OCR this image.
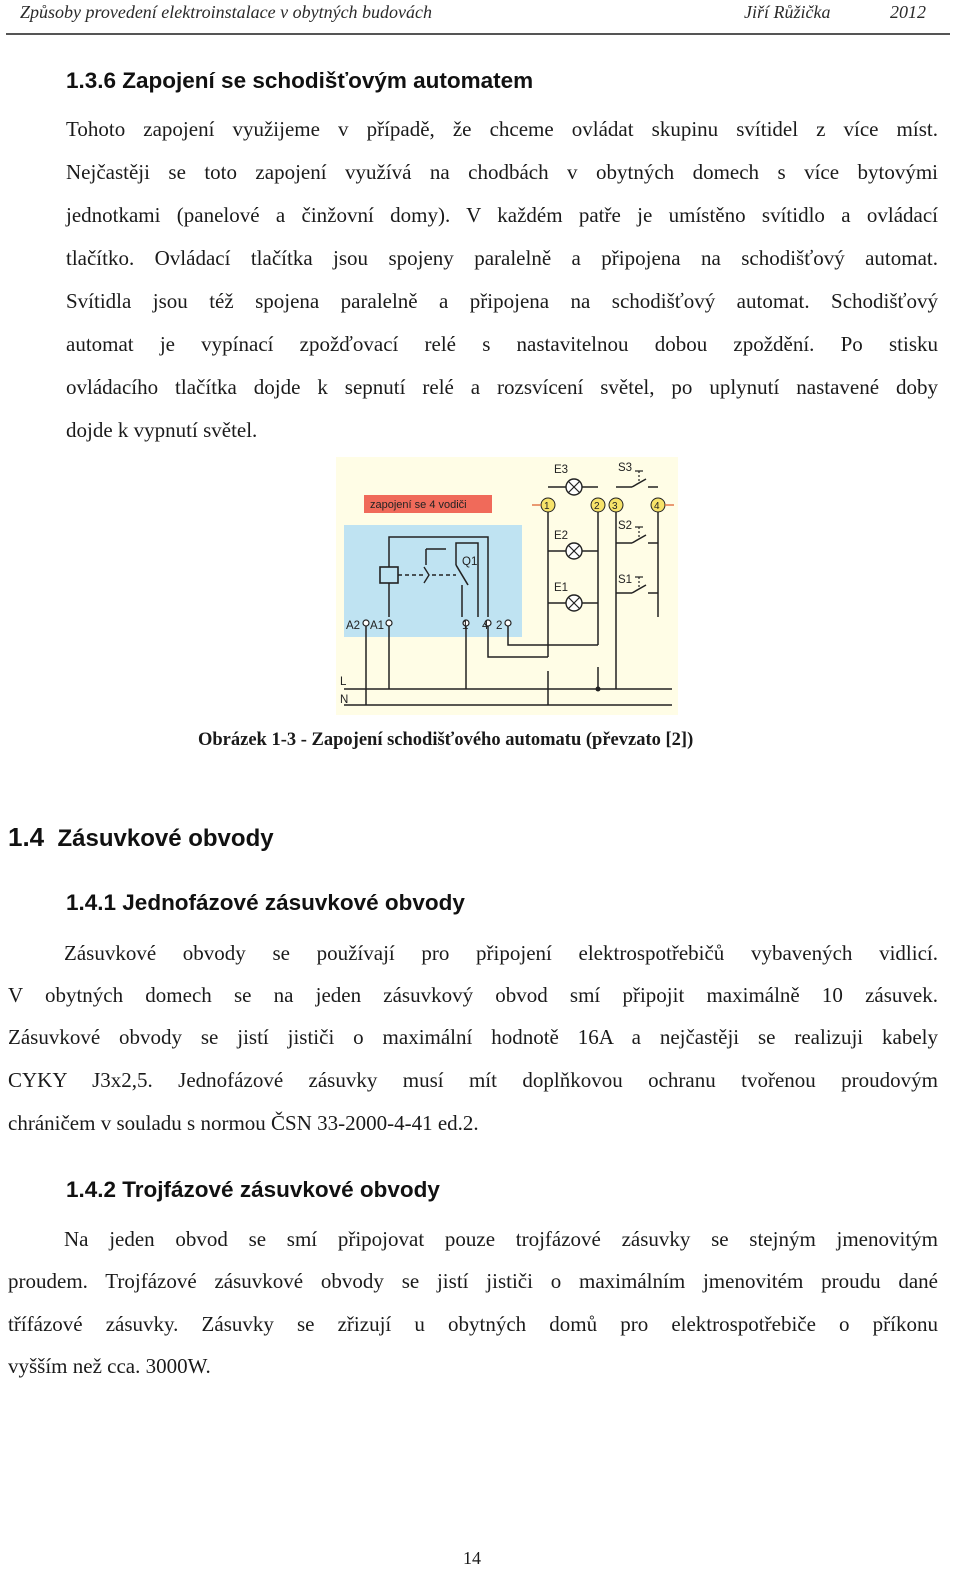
Způsoby provedení elektroinstalace v obytných budovách	Jiří Růžička	2012
1.3.6 Zapojení se schodišťovým automatem
Tohoto zapojení využijeme v případě, že chceme ovládat skupinu svítidel z více míst.
Nejčastěji se toto zapojení využívá na chodbách v obytných domech s více bytovými
jednotkami (panelové a činžovní domy). V každém patře je umístěno svítidlo a ovládací
tlačítko. Ovládací tlačítka jsou spojeny paralelně a připojena na schodišťový automat.
Svítidla jsou též spojena paralelně a připojena na schodišťový automat. Schodišťový
automat je vypínací zpožďovací relé s nastavitelnou dobou zpoždění. Po stisku
ovládacího tlačítka dojde k sepnutí relé a rozsvícení světel, po uplynutí nastavené doby
dojde k vypnutí světel.
zapojení se 4 vodiči
Q1
A2 A1	1 4 2
L
N
1	2 3	4
E3
E2
E1
S3
S2
S1
Obrázek 1-3 - Zapojení schodišťového automatu (převzato [2])
1.4 Zásuvkové obvody
1.4.1 Jednofázové zásuvkové obvody
Zásuvkové obvody se používají pro připojení elektrospotřebičů vybavených vidlicí.
V obytných domech se na jeden zásuvkový obvod smí připojit maximálně 10 zásuvek.
Zásuvkové obvody se jistí jističi o maximální hodnotě 16A a nejčastěji se realizuji kabely
CYKY J3x2,5. Jednofázové zásuvky musí mít doplňkovou ochranu tvořenou proudovým
chráničem v souladu s normou ČSN 33-2000-4-41 ed.2.
1.4.2 Trojfázové zásuvkové obvody
Na jeden obvod se smí připojovat pouze trojfázové zásuvky se stejným jmenovitým
proudem. Trojfázové zásuvkové obvody se jistí jističi o maximálním jmenovitém proudu dané
třífázové zásuvky. Zásuvky se zřizují u obytných domů pro elektrospotřebiče o příkonu
vyšším než cca. 3000W.
14
